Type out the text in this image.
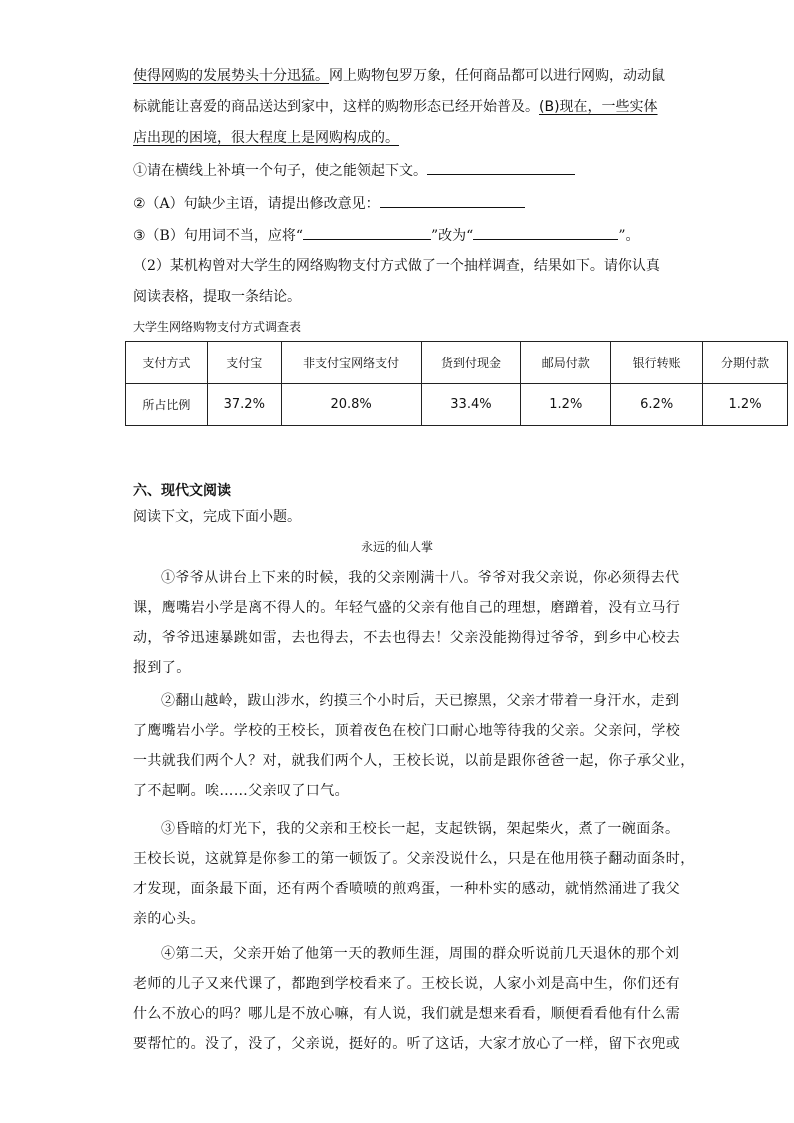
使得网购的发展势头十分迅猛。网上购物包罗万象，任何商品都可以进行网购，动动鼠
标就能让喜爱的商品送达到家中，这样的购物形态已经开始普及。(B)现在，一些实体
店出现的困境，很大程度上是网购构成的。
①请在横线上补填一个句子，使之能领起下文。
②（A）句缺少主语，请提出修改意见：
③（B）句用词不当，应将“	”改为“	”。
（2）某机构曾对大学生的网络购物支付方式做了一个抽样调查，结果如下。请你认真
阅读表格，提取一条结论。
大学生网络购物支付方式调查表
支付方式	支付宝	非支付宝网络支付	货到付现金	邮局付款	银行转账	分期付款
所占比例	37.2%	20.8%	33.4%	1.2%	6.2%	1.2%
六、现代文阅读
阅读下文，完成下面小题。
永远的仙人掌
①爷爷从讲台上下来的时候，我的父亲刚满十八。爷爷对我父亲说，你必须得去代
课，鹰嘴岩小学是离不得人的。年轻气盛的父亲有他自己的理想，磨蹭着，没有立马行
动，爷爷迅速暴跳如雷，去也得去，不去也得去！父亲没能拗得过爷爷，到乡中心校去
报到了。
②翻山越岭，跋山涉水，约摸三个小时后，天已擦黑，父亲才带着一身汗水，走到
了鹰嘴岩小学。学校的王校长，顶着夜色在校门口耐心地等待我的父亲。父亲问，学校
一共就我们两个人？对，就我们两个人，王校长说，以前是跟你爸爸一起，你子承父业，
了不起啊。唉……父亲叹了口气。
③昏暗的灯光下，我的父亲和王校长一起，支起铁锅，架起柴火，煮了一碗面条。
王校长说，这就算是你参工的第一顿饭了。父亲没说什么，只是在他用筷子翻动面条时，
才发现，面条最下面，还有两个香喷喷的煎鸡蛋，一种朴实的感动，就悄然涌进了我父
亲的心头。
④第二天，父亲开始了他第一天的教师生涯，周围的群众听说前几天退休的那个刘
老师的儿子又来代课了，都跑到学校看来了。王校长说，人家小刘是高中生，你们还有
什么不放心的吗？哪儿是不放心嘛，有人说，我们就是想来看看，顺便看看他有什么需
要帮忙的。没了，没了，父亲说，挺好的。听了这话，大家才放心了一样，留下衣兜或
